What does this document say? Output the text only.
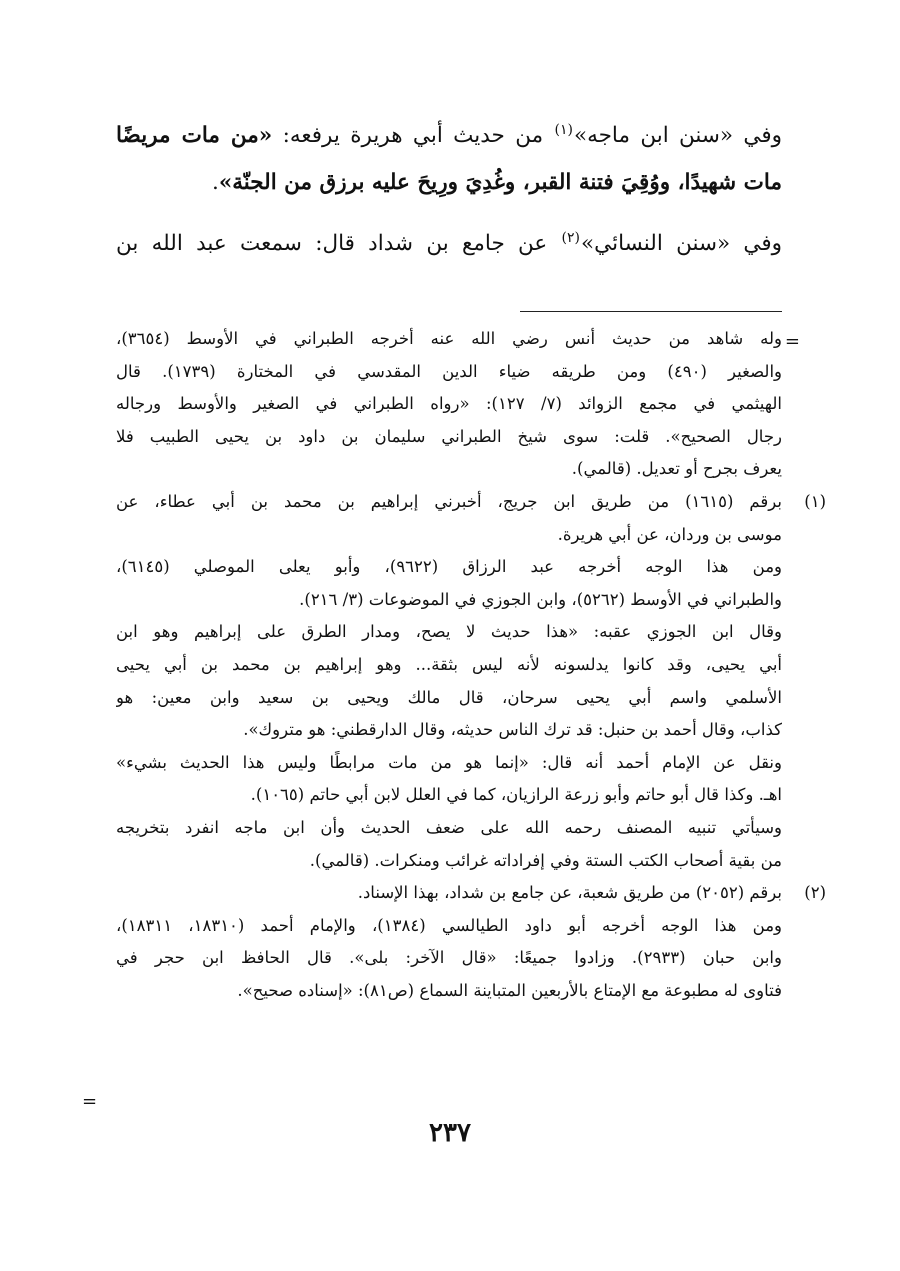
وفي «سنن ابن ماجه»$^{(١)}$ من حديث أبي هريرة يرفعه: «من مات مريضًا مات شهيدًا، ووُقِيَ فتنة القبر، وغُدِيَ ورِيحَ عليه برزق من الجنّة».

وفي «سنن النسائي»$^{(٢)}$ عن جامع بن شداد قال: سمعت عبد الله بن

=
وله شاهد من حديث أنس رضي الله عنه أخرجه الطبراني في الأوسط (٣٦٥٤)،
والصغير (٤٩٠) ومن طريقه ضياء الدين المقدسي في المختارة (١٧٣٩). قال
الهيثمي في مجمع الزوائد (٧/ ١٢٧): «رواه الطبراني في الصغير والأوسط ورجاله
رجال الصحيح». قلت: سوى شيخ الطبراني سليمان بن داود بن يحيى الطبيب فلا
يعرف بجرح أو تعديل. (قالمي).
(١)
برقم (١٦١٥) من طريق ابن جريج، أخبرني إبراهيم بن محمد بن أبي عطاء، عن
موسى بن وردان، عن أبي هريرة.
ومن هذا الوجه أخرجه عبد الرزاق (٩٦٢٢)، وأبو يعلى الموصلي (٦١٤٥)،
والطبراني في الأوسط (٥٢٦٢)، وابن الجوزي في الموضوعات (٣/ ٢١٦).
وقال ابن الجوزي عقبه: «هذا حديث لا يصح، ومدار الطرق على إبراهيم وهو ابن
أبي يحيى، وقد كانوا يدلسونه لأنه ليس بثقة... وهو إبراهيم بن محمد بن أبي يحيى
الأسلمي واسم أبي يحيى سرحان، قال مالك ويحيى بن سعيد وابن معين: هو
كذاب، وقال أحمد بن حنبل: قد ترك الناس حديثه، وقال الدارقطني: هو متروك».
ونقل عن الإمام أحمد أنه قال: «إنما هو من مات مرابطًا وليس هذا الحديث بشيء»
اهـ. وكذا قال أبو حاتم وأبو زرعة الرازيان، كما في العلل لابن أبي حاتم (١٠٦٥).
وسيأتي تنبيه المصنف رحمه الله على ضعف الحديث وأن ابن ماجه انفرد بتخريجه
من بقية أصحاب الكتب الستة وفي إفراداته غرائب ومنكرات. (قالمي).
(٢)
برقم (٢٠٥٢) من طريق شعبة، عن جامع بن شداد، بهذا الإسناد.
ومن هذا الوجه أخرجه أبو داود الطيالسي (١٣٨٤)، والإمام أحمد (١٨٣١٠، ١٨٣١١)،
وابن حبان (٢٩٣٣). وزادوا جميعًا: «قال الآخر: بلى». قال الحافظ ابن حجر في
فتاوى له مطبوعة مع الإمتاع بالأربعين المتباينة السماع (ص٨١): «إسناده صحيح».
=
٢٣٧
